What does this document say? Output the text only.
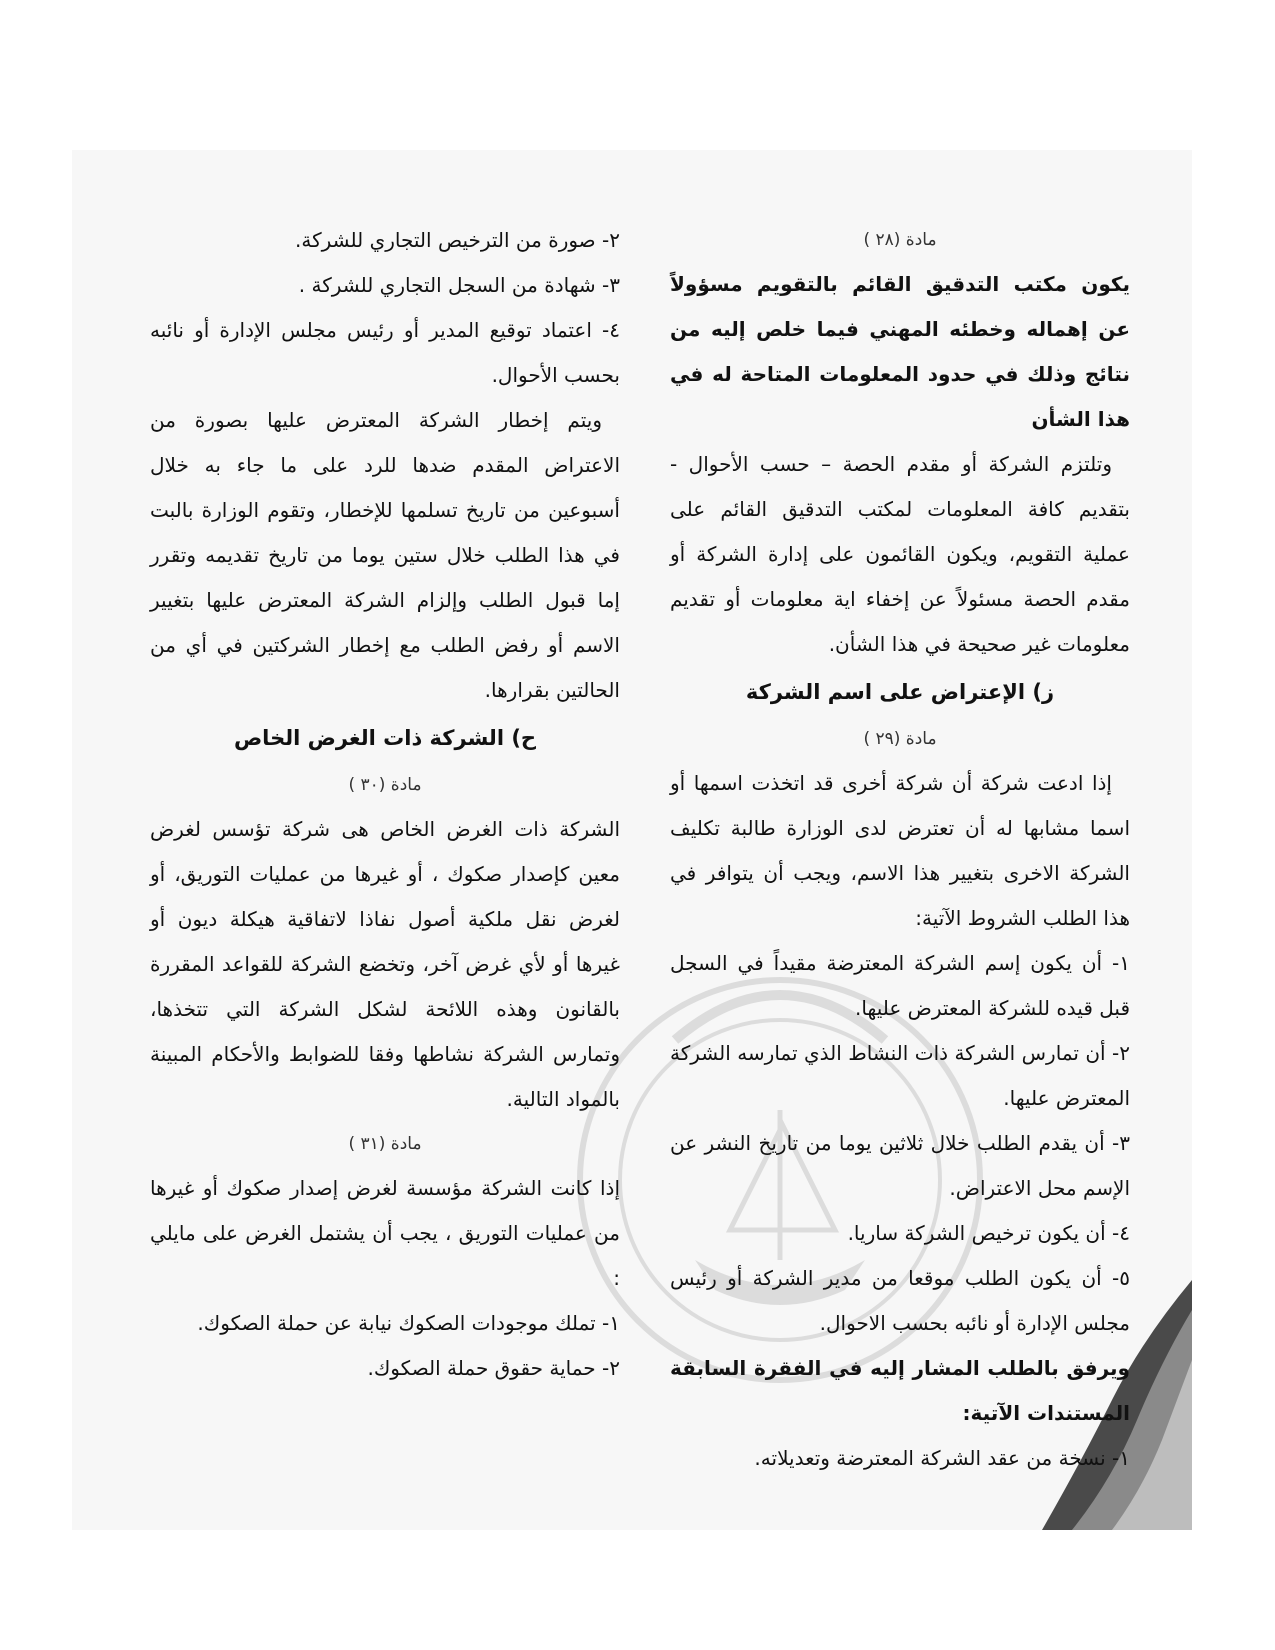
مادة (٢٨ )

يكون مكتب التدقيق القائم بالتقويم مسؤولاً عن إهماله وخطئه المهني فيما خلص إليه من نتائج وذلك في حدود المعلومات المتاحة له في هذا الشأن

وتلتزم الشركة أو مقدم الحصة – حسب الأحوال - بتقديم كافة المعلومات لمكتب التدقيق القائم على عملية التقويم، ويكون القائمون على إدارة الشركة أو مقدم الحصة مسئولاً عن إخفاء اية معلومات أو تقديم معلومات غير صحيحة في هذا الشأن.

ز) الإعتراض على اسم الشركة
مادة (٢٩ )

إذا ادعت شركة أن شركة أخرى قد اتخذت اسمها أو اسما مشابها له أن تعترض لدى الوزارة طالبة تكليف الشركة الاخرى بتغيير هذا الاسم، ويجب أن يتوافر في هذا الطلب الشروط الآتية:

١- أن يكون إسم الشركة المعترضة مقيداً في السجل قبل قيده للشركة المعترض عليها.

٢- أن تمارس الشركة ذات النشاط الذي تمارسه الشركة المعترض عليها.

٣- أن يقدم الطلب خلال ثلاثين يوما من تاريخ النشر عن الإسم محل الاعتراض.

٤- أن يكون ترخيص الشركة ساريا.

٥- أن يكون الطلب موقعا من مدير الشركة أو رئيس مجلس الإدارة أو نائبه بحسب الاحوال.

ويرفق بالطلب المشار إليه في الفقرة السابقة المستندات الآتية:

١- نسخة من عقد الشركة المعترضة وتعديلاته.

٢- صورة من الترخيص التجاري للشركة.

٣- شهادة من السجل التجاري للشركة .

٤- اعتماد توقيع المدير أو رئيس مجلس الإدارة أو نائبه بحسب الأحوال.

ويتم إخطار الشركة المعترض عليها بصورة من الاعتراض المقدم ضدها للرد على ما جاء به خلال أسبوعين من تاريخ تسلمها للإخطار، وتقوم الوزارة بالبت في هذا الطلب خلال ستين يوما من تاريخ تقديمه وتقرر إما قبول الطلب وإلزام الشركة المعترض عليها بتغيير الاسم أو رفض الطلب مع إخطار الشركتين في أي من الحالتين بقرارها.

ح) الشركة ذات الغرض الخاص
مادة (٣٠ )

الشركة ذات الغرض الخاص هى شركة تؤسس لغرض معين كإصدار صكوك ، أو غيرها من عمليات التوريق، أو لغرض نقل ملكية أصول نفاذا لاتفاقية هيكلة ديون أو غيرها أو لأي غرض آخر، وتخضع الشركة للقواعد المقررة بالقانون وهذه اللائحة لشكل الشركة التي تتخذها، وتمارس الشركة نشاطها وفقا للضوابط والأحكام المبينة بالمواد التالية.

مادة (٣١ )

إذا كانت الشركة مؤسسة لغرض إصدار صكوك أو غيرها من عمليات التوريق ، يجب أن يشتمل الغرض على مايلي :

١- تملك موجودات الصكوك نيابة عن حملة الصكوك.

٢- حماية حقوق حملة الصكوك.
